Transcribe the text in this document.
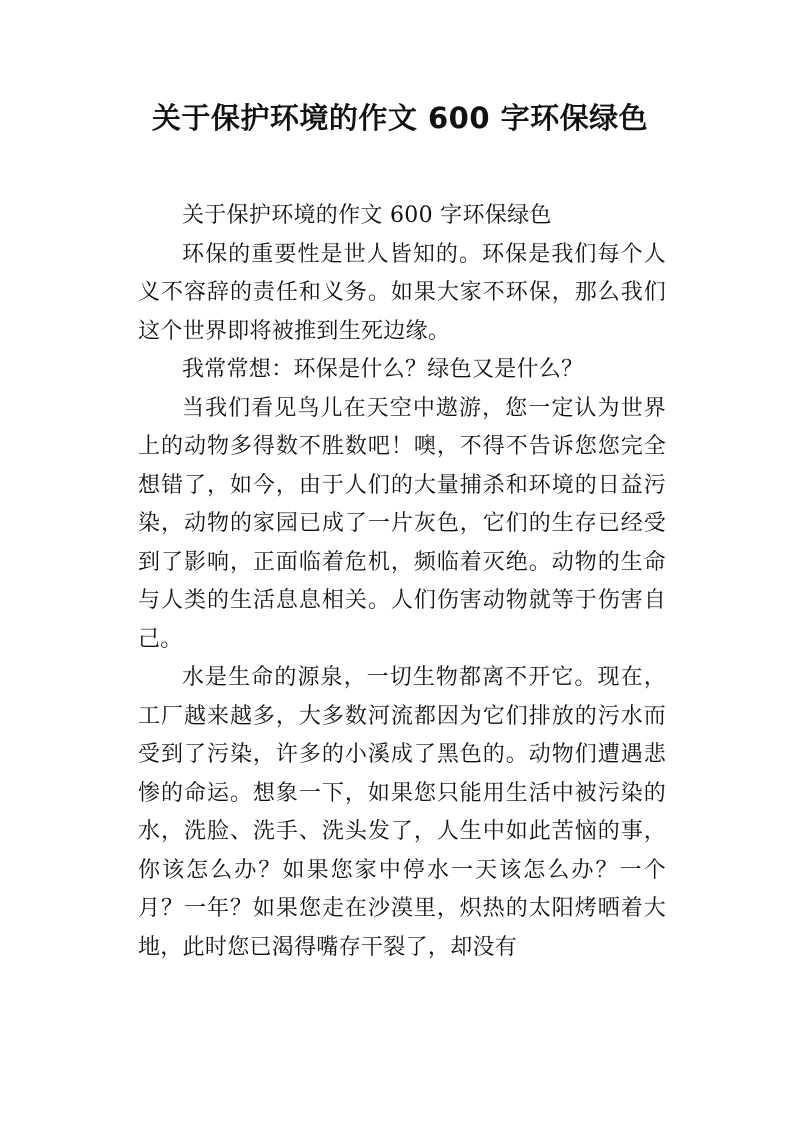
关于保护环境的作文 600 字环保绿色

关于保护环境的作文 600 字环保绿色

环保的重要性是世人皆知的。环保是我们每个人义不容辞的责任和义务。如果大家不环保，那么我们这个世界即将被推到生死边缘。

我常常想：环保是什么？绿色又是什么？

当我们看见鸟儿在天空中遨游，您一定认为世界上的动物多得数不胜数吧！噢，不得不告诉您您完全想错了，如今，由于人们的大量捕杀和环境的日益污染，动物的家园已成了一片灰色，它们的生存已经受到了影响，正面临着危机，频临着灭绝。动物的生命与人类的生活息息相关。人们伤害动物就等于伤害自己。

水是生命的源泉，一切生物都离不开它。现在，工厂越来越多，大多数河流都因为它们排放的污水而受到了污染，许多的小溪成了黑色的。动物们遭遇悲惨的命运。想象一下，如果您只能用生活中被污染的水，洗脸、洗手、洗头发了，人生中如此苦恼的事，你该怎么办？如果您家中停水一天该怎么办？一个月？一年？如果您走在沙漠里，炽热的太阳烤晒着大地，此时您已渴得嘴存干裂了，却没有
